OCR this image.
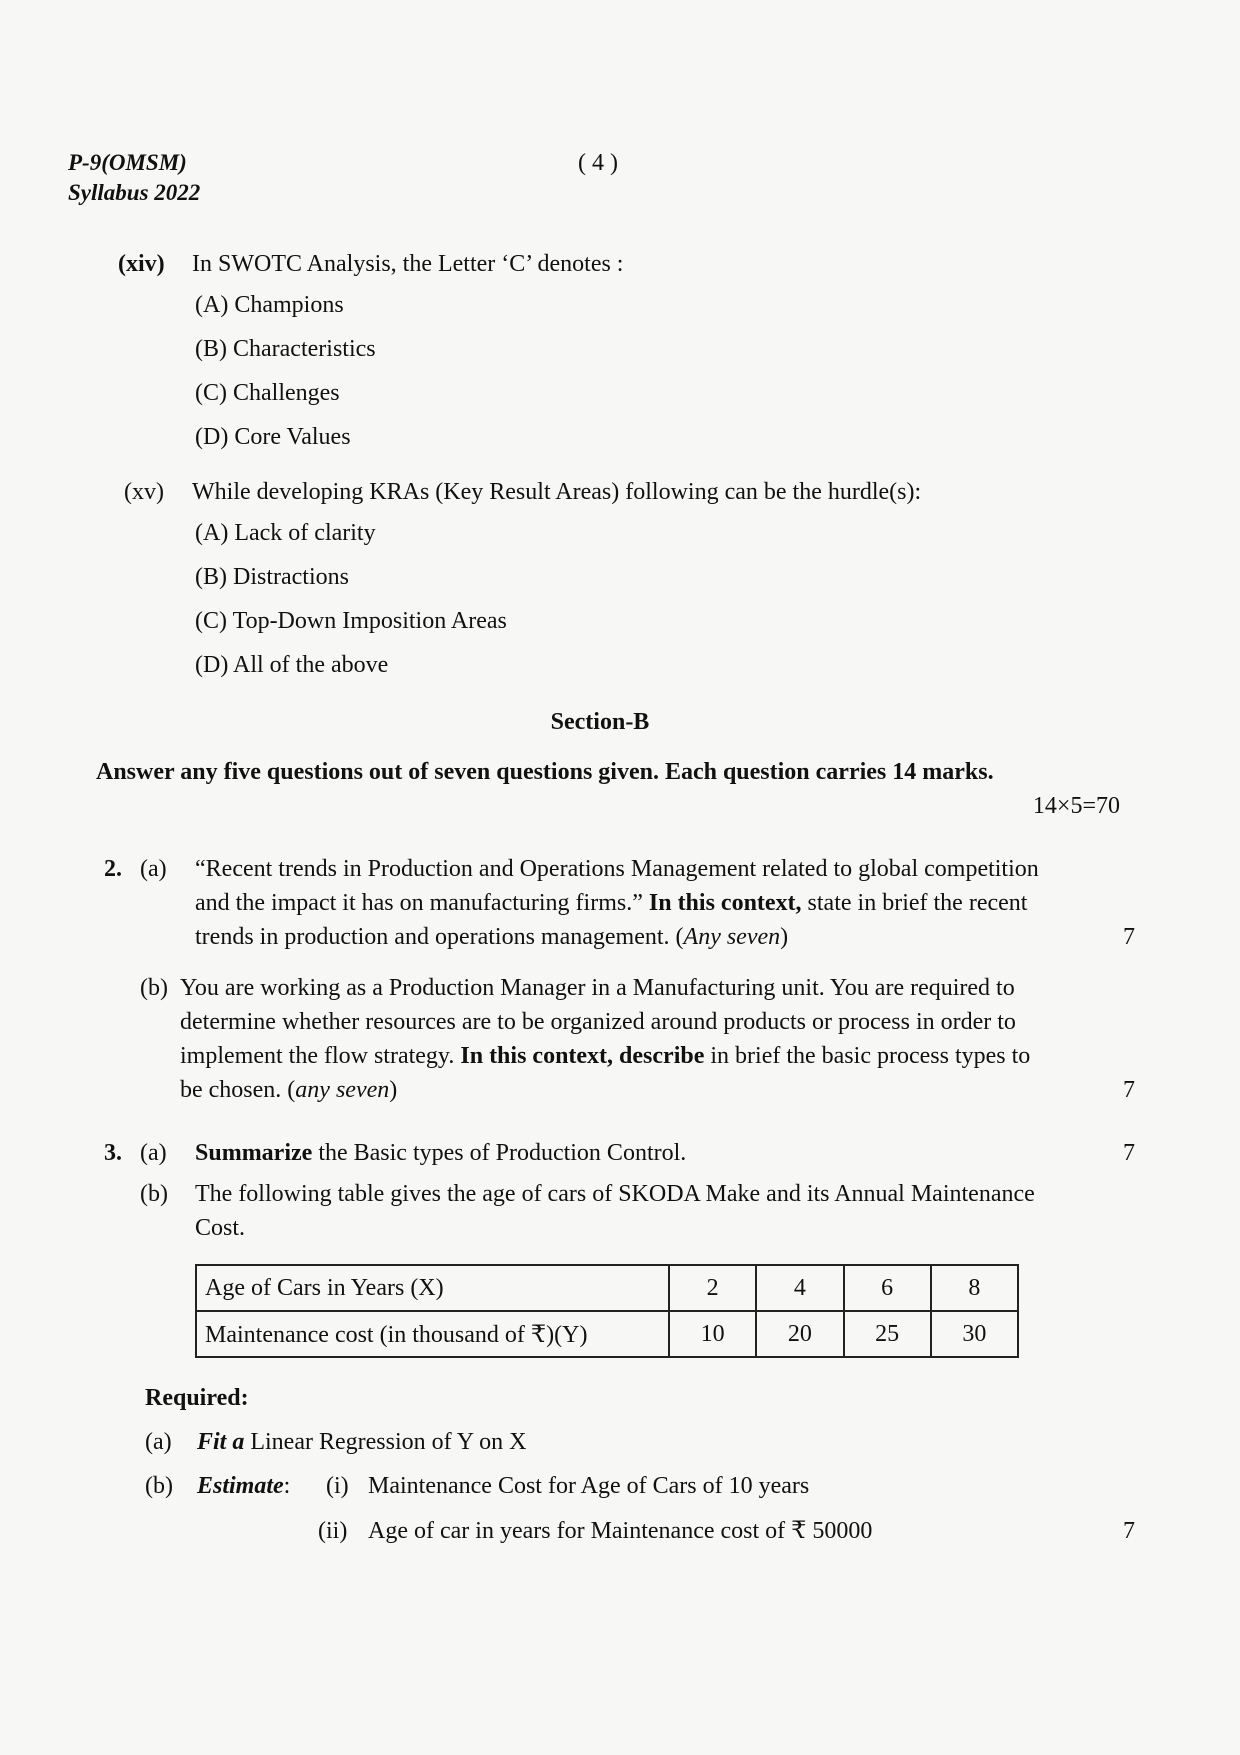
P-9(OMSM)
Syllabus 2022
( 4 )
(xiv) In SWOTC Analysis, the Letter ‘C’ denotes :
(A) Champions
(B) Characteristics
(C) Challenges
(D) Core Values
(xv) While developing KRAs (Key Result Areas) following can be the hurdle(s):
(A) Lack of clarity
(B) Distractions
(C) Top-Down Imposition Areas
(D) All of the above
Section-B
Answer any five questions out of seven questions given. Each question carries 14 marks.
14×5=70
2. (a) “Recent trends in Production and Operations Management related to global competition
and the impact it has on manufacturing firms.” In this context, state in brief the recent
trends in production and operations management. (Any seven)	7
(b) You are working as a Production Manager in a Manufacturing unit. You are required to
determine whether resources are to be organized around products or process in order to
implement the flow strategy. In this context, describe in brief the basic process types to
be chosen. (any seven)	7
3. (a) Summarize the Basic types of Production Control.	7
(b) The following table gives the age of cars of SKODA Make and its Annual Maintenance
Cost.
Age of Cars in Years (X)	2	4	6	8
Maintenance cost (in thousand of ₹)(Y)	10	20	25	30
Required:
(a) Fit a Linear Regression of Y on X
(b) Estimate: (i) Maintenance Cost for Age of Cars of 10 years
(ii) Age of car in years for Maintenance cost of ₹ 50000	7
